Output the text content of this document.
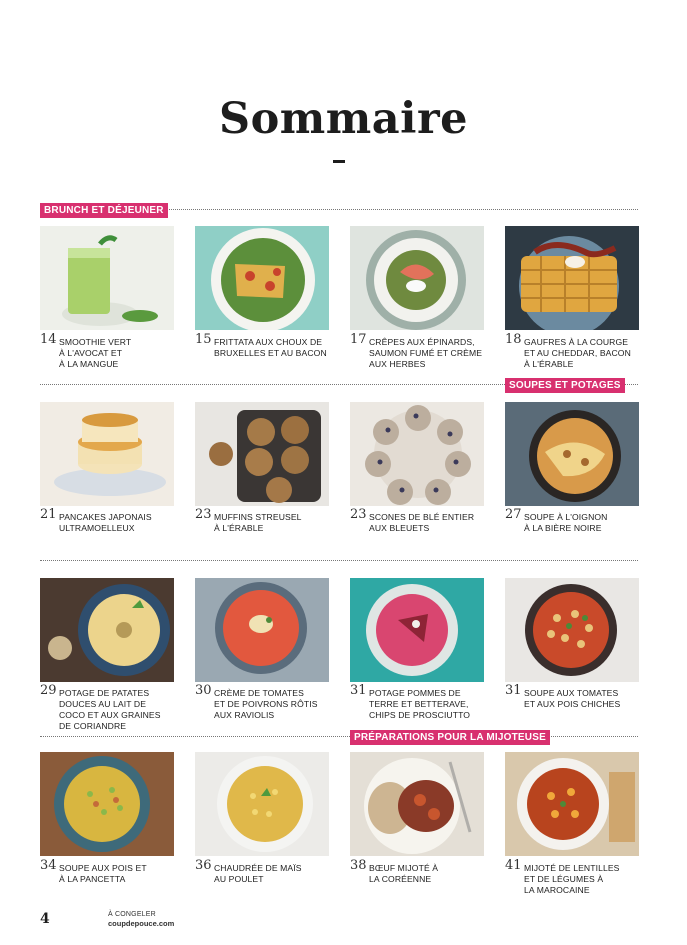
Sommaire
BRUNCH ET DÉJEUNER
SOUPES ET POTAGES
PRÉPARATIONS POUR LA MIJOTEUSE
14 SMOOTHIE VERT
À L'AVOCAT ET
À LA MANGUE
15 FRITTATA AUX CHOUX DE
BRUXELLES ET AU BACON
17 CRÊPES AUX ÉPINARDS,
SAUMON FUMÉ ET CRÈME
AUX HERBES
18 GAUFRES À LA COURGE
ET AU CHEDDAR, BACON
À L'ÉRABLE
21 PANCAKES JAPONAIS
ULTRAMOELLEUX
23 MUFFINS STREUSEL
À L'ÉRABLE
23 SCONES DE BLÉ ENTIER
AUX BLEUETS
27 SOUPE À L'OIGNON
À LA BIÈRE NOIRE
29 POTAGE DE PATATES
DOUCES AU LAIT DE
COCO ET AUX GRAINES
DE CORIANDRE
30 CRÈME DE TOMATES
ET DE POIVRONS RÔTIS
AUX RAVIOLIS
31 POTAGE POMMES DE
TERRE ET BETTERAVE,
CHIPS DE PROSCIUTTO
31 SOUPE AUX TOMATES
ET AUX POIS CHICHES
34 SOUPE AUX POIS ET
À LA PANCETTA
36 CHAUDRÉE DE MAÏS
AU POULET
38 BŒUF MIJOTÉ À
LA CORÉENNE
41 MIJOTÉ DE LENTILLES
ET DE LÉGUMES À
LA MAROCAINE
4	À CONGELER
coupdepouce.com
